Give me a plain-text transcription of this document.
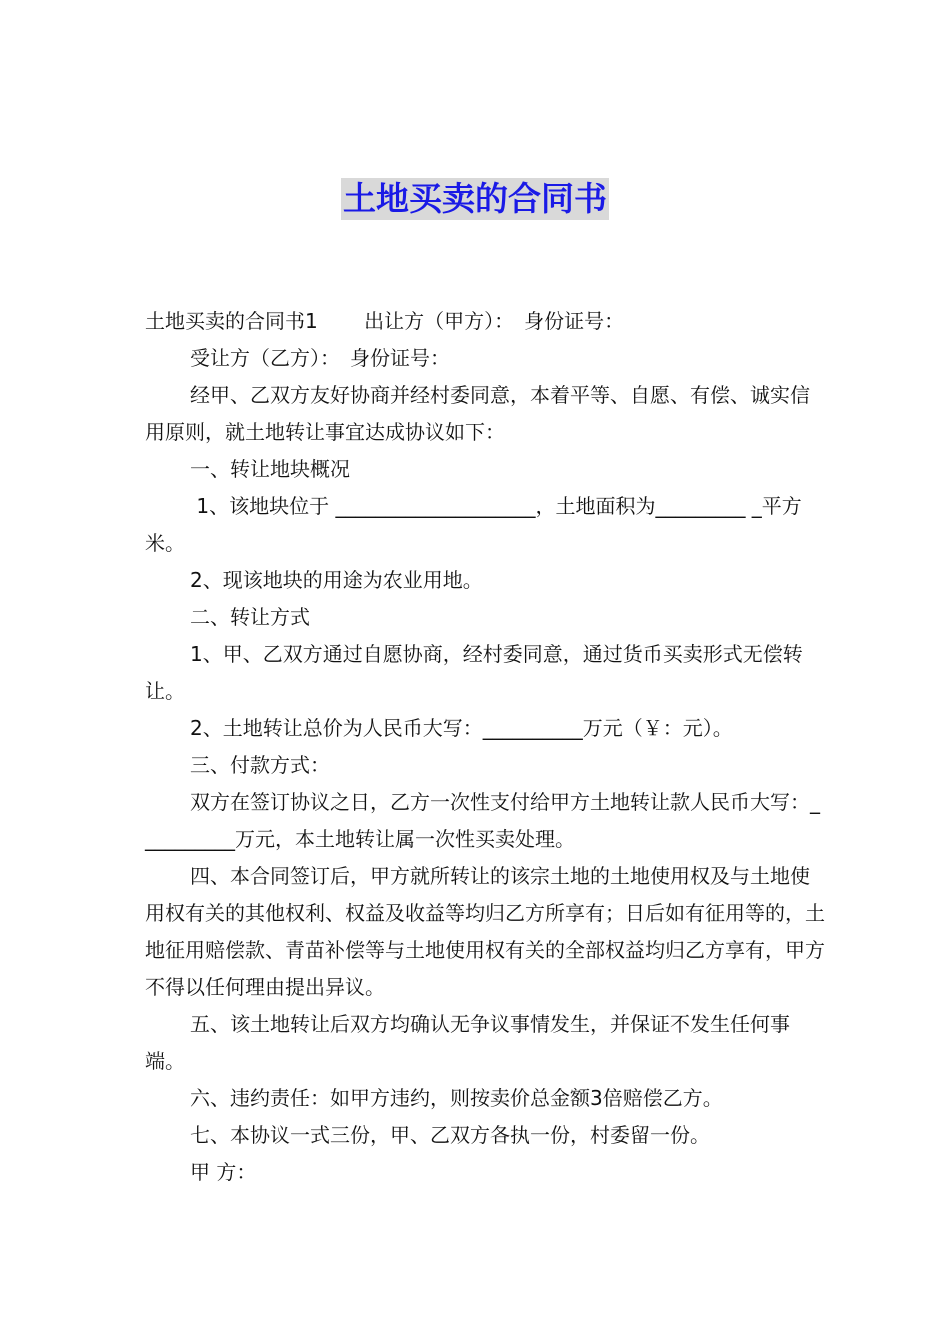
土地买卖的合同书

土地买卖的合同书1　　 出让方（甲方）：　身份证号：

受让方（乙方）：　身份证号：

经甲、乙双方友好协商并经村委同意，本着平等、自愿、有偿、诚实信用原则，就土地转让事宜达成协议如下：

一、转让地块概况

1、该地块位于 ____________________，土地面积为_________ _平方米。

2、现该地块的用途为农业用地。

二、转让方式

1、甲、乙双方通过自愿协商，经村委同意，通过货币买卖形式无偿转让。

2、土地转让总价为人民币大写：__________万元（￥：元）。

三、付款方式：

双方在签订协议之日，乙方一次性支付给甲方土地转让款人民币大写：__________万元，本土地转让属一次性买卖处理。

四、本合同签订后，甲方就所转让的该宗土地的土地使用权及与土地使用权有关的其他权利、权益及收益等均归乙方所享有；日后如有征用等的，土地征用赔偿款、青苗补偿等与土地使用权有关的全部权益均归乙方享有，甲方不得以任何理由提出异议。

五、该土地转让后双方均确认无争议事情发生，并保证不发生任何事端。

六、违约责任：如甲方违约，则按卖价总金额3倍赔偿乙方。

七、本协议一式三份，甲、乙双方各执一份，村委留一份。

甲 方：
